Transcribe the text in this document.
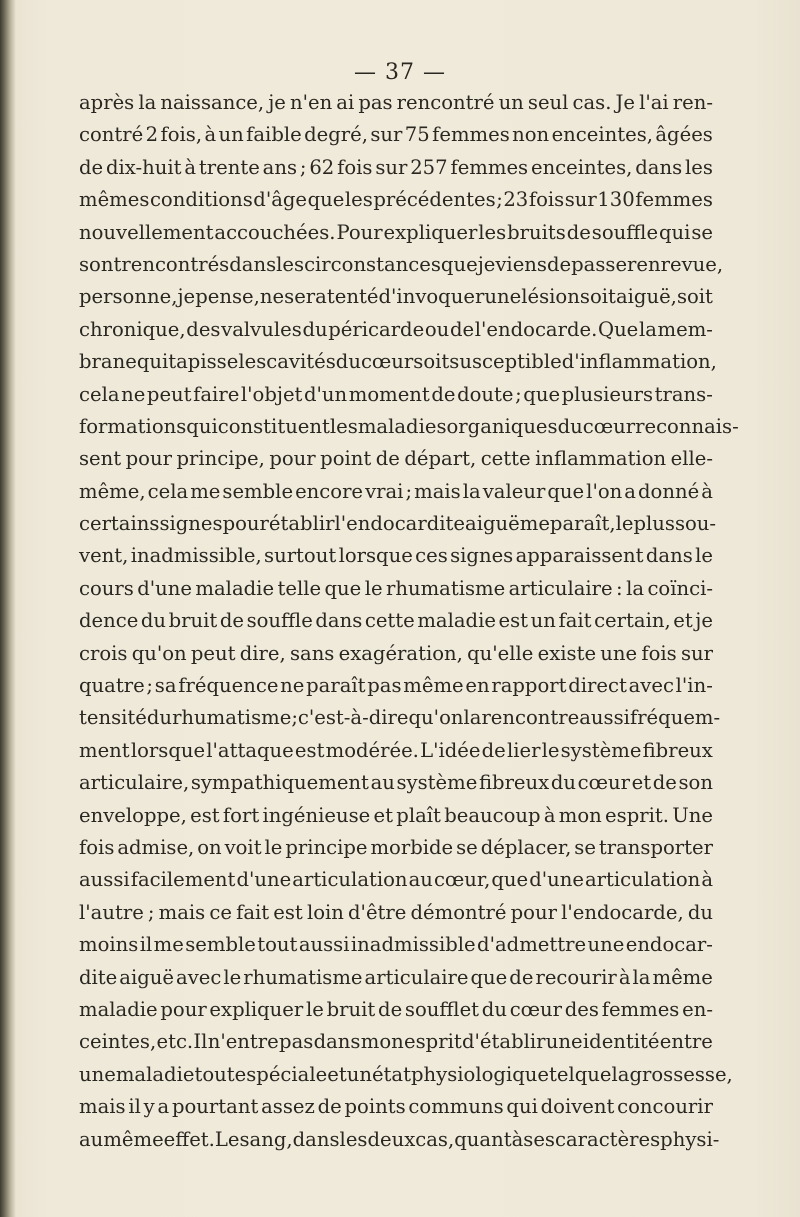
— 37 —
après la naissance, je n'en ai pas rencontré un seul cas. Je l'ai ren-
contré 2 fois, à un faible degré, sur 75 femmes non enceintes, âgées
de dix-huit à trente ans ; 62 fois sur 257 femmes enceintes, dans les
mêmes conditions d'âge que les précédentes ; 23 fois sur 130 femmes
nouvellement accouchées. Pour expliquer les bruits de souffle qui se
sont rencontrés dans les circonstances que je viens de passer en revue,
personne, je pense, ne sera tenté d'invoquer une lésion soit aiguë, soit
chronique, des valvules du péricarde ou de l'endocarde. Que la mem-
brane qui tapisse les cavités du cœur soit susceptible d'inflammation,
cela ne peut faire l'objet d'un moment de doute ; que plusieurs trans-
formations qui constituent les maladies organiques du cœur reconnais-
sent pour principe, pour point de départ, cette inflammation elle-
même, cela me semble encore vrai ; mais la valeur que l'on a donné à
certains signes pour établir l'endocardite aiguë me paraît, le plus sou-
vent, inadmissible, surtout lorsque ces signes apparaissent dans le
cours d'une maladie telle que le rhumatisme articulaire : la coïnci-
dence du bruit de souffle dans cette maladie est un fait certain, et je
crois qu'on peut dire, sans exagération, qu'elle existe une fois sur
quatre ; sa fréquence ne paraît pas même en rapport direct avec l'in-
tensité du rhumatisme ; c'est-à-dire qu'on la rencontre aussi fréquem-
ment lorsque l'attaque est modérée. L'idée de lier le système fibreux
articulaire, sympathiquement au système fibreux du cœur et de son
enveloppe, est fort ingénieuse et plaît beaucoup à mon esprit. Une
fois admise, on voit le principe morbide se déplacer, se transporter
aussi facilement d'une articulation au cœur, que d'une articulation à
l'autre ; mais ce fait est loin d'être démontré pour l'endocarde, du
moins il me semble tout aussi inadmissible d'admettre une endocar-
dite aiguë avec le rhumatisme articulaire que de recourir à la même
maladie pour expliquer le bruit de soufflet du cœur des femmes en-
ceintes, etc. Il n'entre pas dans mon esprit d'établir une identité entre
une maladie toute spéciale et un état physiologique tel que la grossesse,
mais il y a pourtant assez de points communs qui doivent concourir
au même effet. Le sang, dans les deux cas, quant à ses caractères physi-
